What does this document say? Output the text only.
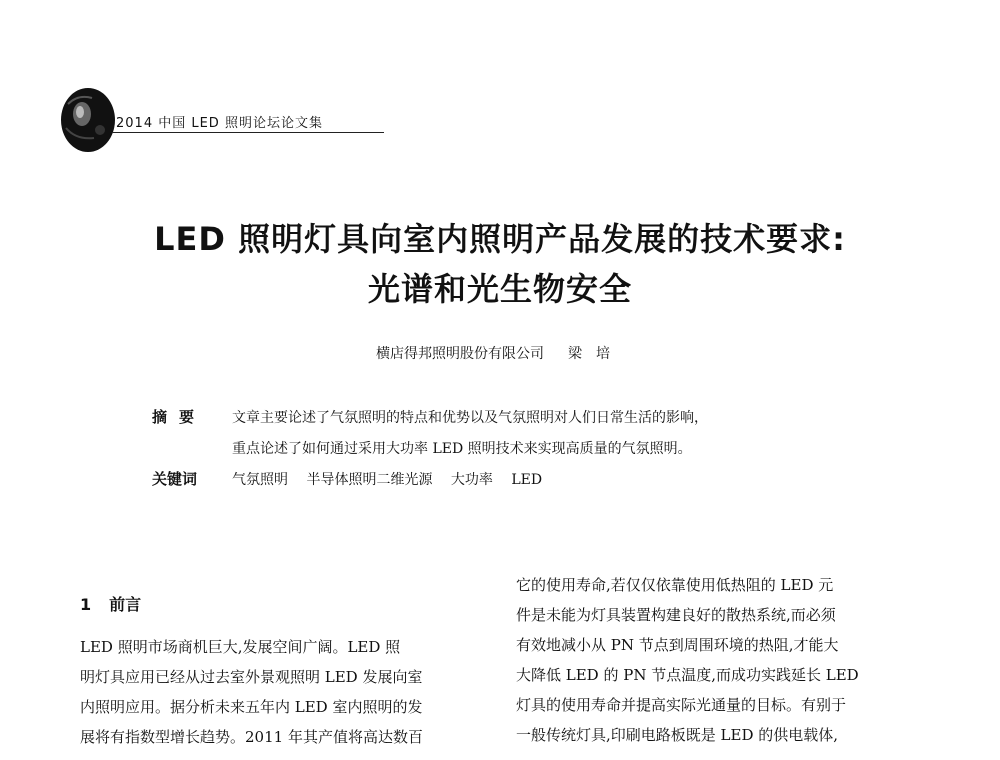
2014 中国 LED 照明论坛论文集
LED 照明灯具向室内照明产品发展的技术要求:
光谱和光生物安全
横店得邦照明股份有限公司 梁培
摘要 文章主要论述了气氛照明的特点和优势以及气氛照明对人们日常生活的影响，
重点论述了如何通过采用大功率 LED 照明技术来实现高质量的气氛照明。
关键词 气氛照明 半导体照明二维光源 大功率 LED
1 前言
LED 照明市场商机巨大,发展空间广阔。LED 照
明灯具应用已经从过去室外景观照明 LED 发展向室
内照明应用。据分析未来五年内 LED 室内照明的发
展将有指数型增长趋势。2011 年其产值将高达数百
它的使用寿命,若仅仅依靠使用低热阻的 LED 元
件是未能为灯具装置构建良好的散热系统,而必须
有效地减小从 PN 节点到周围环境的热阻,才能大
大降低 LED 的 PN 节点温度,而成功实践延长 LED
灯具的使用寿命并提高实际光通量的目标。有别于
一般传统灯具,印刷电路板既是 LED 的供电载体,
